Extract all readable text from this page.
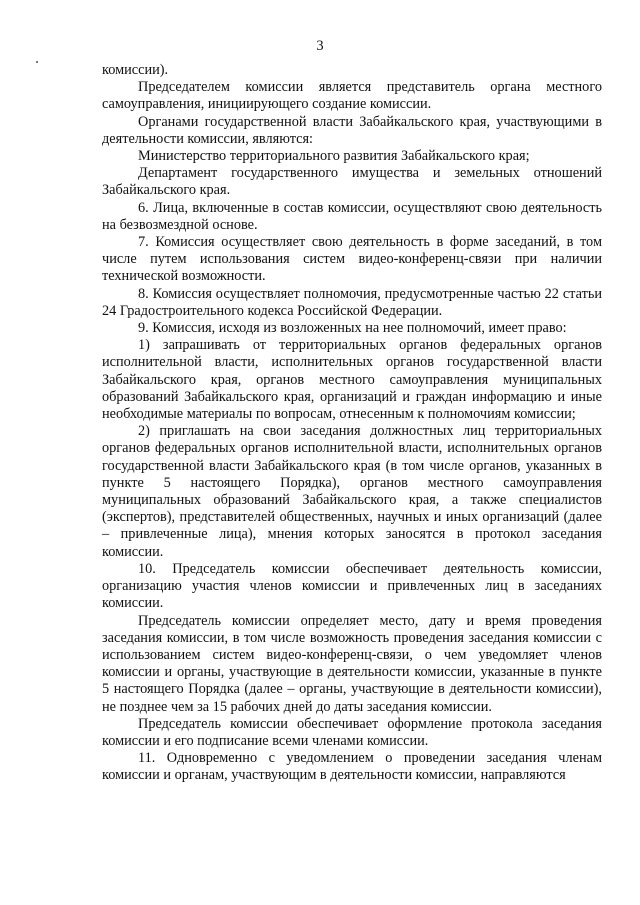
3

комиссии).

Председателем комиссии является представитель органа местного самоуправления, инициирующего создание комиссии.

Органами государственной власти Забайкальского края, участвующими в деятельности комиссии, являются:

Министерство территориального развития Забайкальского края;

Департамент государственного имущества и земельных отношений Забайкальского края.

6. Лица, включенные в состав комиссии, осуществляют свою деятельность на безвозмездной основе.

7. Комиссия осуществляет свою деятельность в форме заседаний, в том числе путем использования систем видео-конференц-связи при наличии технической возможности.

8. Комиссия осуществляет полномочия, предусмотренные частью 22 статьи 24 Градостроительного кодекса Российской Федерации.

9. Комиссия, исходя из возложенных на нее полномочий, имеет право:

1) запрашивать от территориальных органов федеральных органов исполнительной власти, исполнительных органов государственной власти Забайкальского края, органов местного самоуправления муниципальных образований Забайкальского края, организаций и граждан информацию и иные необходимые материалы по вопросам, отнесенным к полномочиям комиссии;

2) приглашать на свои заседания должностных лиц территориальных органов федеральных органов исполнительной власти, исполнительных органов государственной власти Забайкальского края (в том числе органов, указанных в пункте 5 настоящего Порядка), органов местного самоуправления муниципальных образований Забайкальского края, а также специалистов (экспертов), представителей общественных, научных и иных организаций (далее – привлеченные лица), мнения которых заносятся в протокол заседания комиссии.

10. Председатель комиссии обеспечивает деятельность комиссии, организацию участия членов комиссии и привлеченных лиц в заседаниях комиссии.

Председатель комиссии определяет место, дату и время проведения заседания комиссии, в том числе возможность проведения заседания комиссии с использованием систем видео-конференц-связи, о чем уведомляет членов комиссии и органы, участвующие в деятельности комиссии, указанные в пункте 5 настоящего Порядка (далее – органы, участвующие в деятельности комиссии), не позднее чем за 15 рабочих дней до даты заседания комиссии.

Председатель комиссии обеспечивает оформление протокола заседания комиссии и его подписание всеми членами комиссии.

11. Одновременно с уведомлением о проведении заседания членам комиссии и органам, участвующим в деятельности комиссии, направляются
